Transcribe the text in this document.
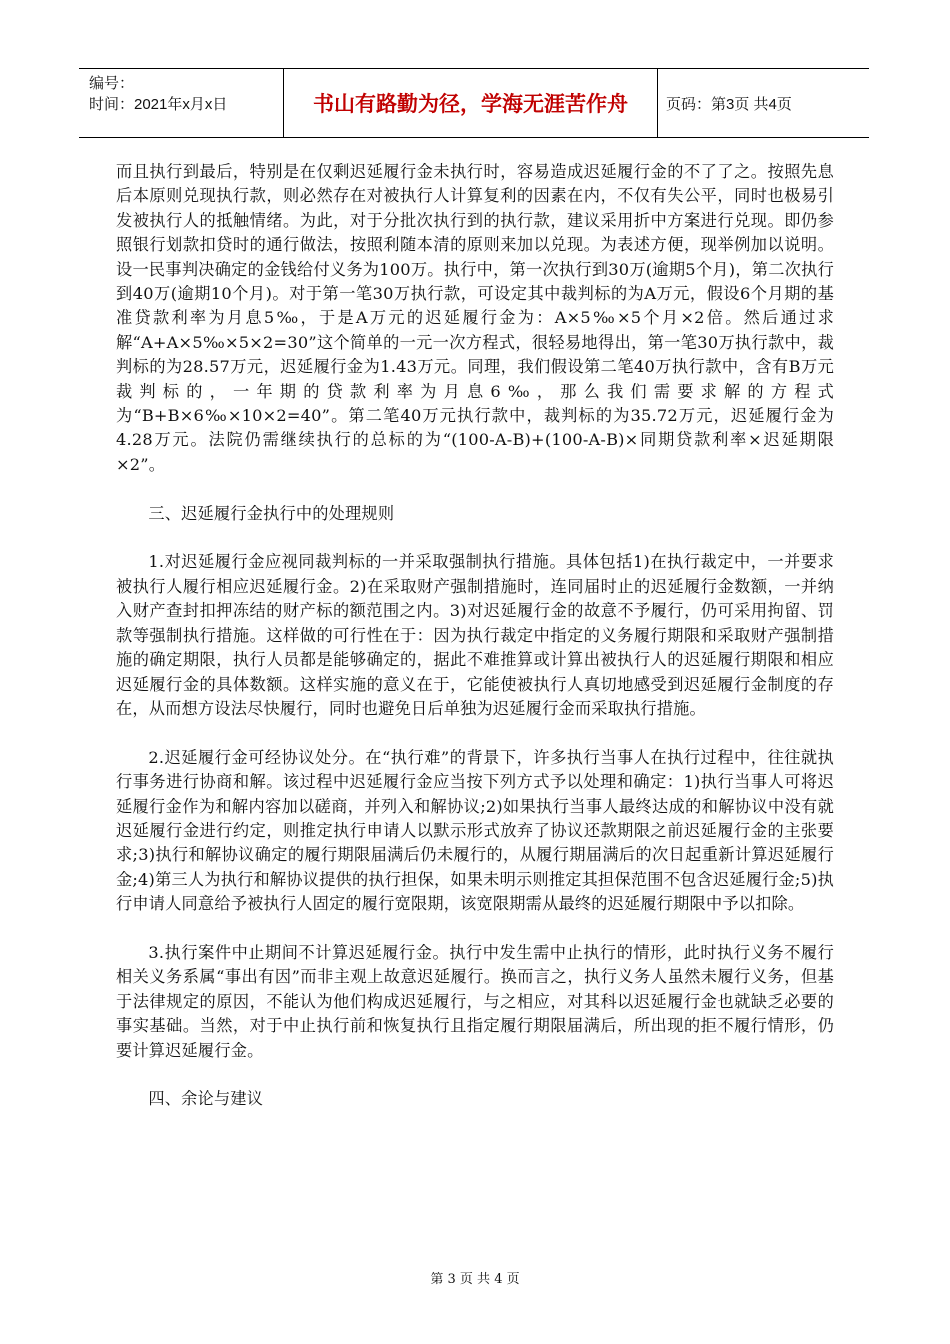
编号：
时间：2021年x月x日	书山有路勤为径，学海无涯苦作舟	页码：第3页 共4页

而且执行到最后，特别是在仅剩迟延履行金未执行时，容易造成迟延履行金的不了了之。按照先息后本原则兑现执行款，则必然存在对被执行人计算复利的因素在内，不仅有失公平，同时也极易引发被执行人的抵触情绪。为此，对于分批次执行到的执行款，建议采用折中方案进行兑现。即仍参照银行划款扣贷时的通行做法，按照利随本清的原则来加以兑现。为表述方便，现举例加以说明。设一民事判决确定的金钱给付义务为100万。执行中，第一次执行到30万(逾期5个月)，第二次执行到40万(逾期10个月)。对于第一笔30万执行款，可设定其中裁判标的为A万元，假设6个月期的基准贷款利率为月息5‰，于是A万元的迟延履行金为：A×5‰×5个月×2倍。然后通过求解“A+A×5‰×5×2=30”这个简单的一元一次方程式，很轻易地得出，第一笔30万执行款中，裁判标的为28.57万元，迟延履行金为1.43万元。同理，我们假设第二笔40万执行款中，含有B万元裁判标的，一年期的贷款利率为月息6‰，那么我们需要求解的方程式为“B+B×6‰×10×2=40”。第二笔40万元执行款中，裁判标的为35.72万元，迟延履行金为4.28万元。法院仍需继续执行的总标的为“(100-A-B)+(100-A-B)×同期贷款利率×迟延期限×2”。

三、迟延履行金执行中的处理规则

1.对迟延履行金应视同裁判标的一并采取强制执行措施。具体包括1)在执行裁定中，一并要求被执行人履行相应迟延履行金。2)在采取财产强制措施时，连同届时止的迟延履行金数额，一并纳入财产查封扣押冻结的财产标的额范围之内。3)对迟延履行金的故意不予履行，仍可采用拘留、罚款等强制执行措施。这样做的可行性在于：因为执行裁定中指定的义务履行期限和采取财产强制措施的确定期限，执行人员都是能够确定的，据此不难推算或计算出被执行人的迟延履行期限和相应迟延履行金的具体数额。这样实施的意义在于，它能使被执行人真切地感受到迟延履行金制度的存在，从而想方设法尽快履行，同时也避免日后单独为迟延履行金而采取执行措施。

2.迟延履行金可经协议处分。在“执行难”的背景下，许多执行当事人在执行过程中，往往就执行事务进行协商和解。该过程中迟延履行金应当按下列方式予以处理和确定：1)执行当事人可将迟延履行金作为和解内容加以磋商，并列入和解协议;2)如果执行当事人最终达成的和解协议中没有就迟延履行金进行约定，则推定执行申请人以默示形式放弃了协议还款期限之前迟延履行金的主张要求;3)执行和解协议确定的履行期限届满后仍未履行的，从履行期届满后的次日起重新计算迟延履行金;4)第三人为执行和解协议提供的执行担保，如果未明示则推定其担保范围不包含迟延履行金;5)执行申请人同意给予被执行人固定的履行宽限期，该宽限期需从最终的迟延履行期限中予以扣除。

3.执行案件中止期间不计算迟延履行金。执行中发生需中止执行的情形，此时执行义务不履行相关义务系属“事出有因”而非主观上故意迟延履行。换而言之，执行义务人虽然未履行义务，但基于法律规定的原因，不能认为他们构成迟延履行，与之相应，对其科以迟延履行金也就缺乏必要的事实基础。当然，对于中止执行前和恢复执行且指定履行期限届满后，所出现的拒不履行情形，仍要计算迟延履行金。

四、余论与建议

第 3 页 共 4 页
